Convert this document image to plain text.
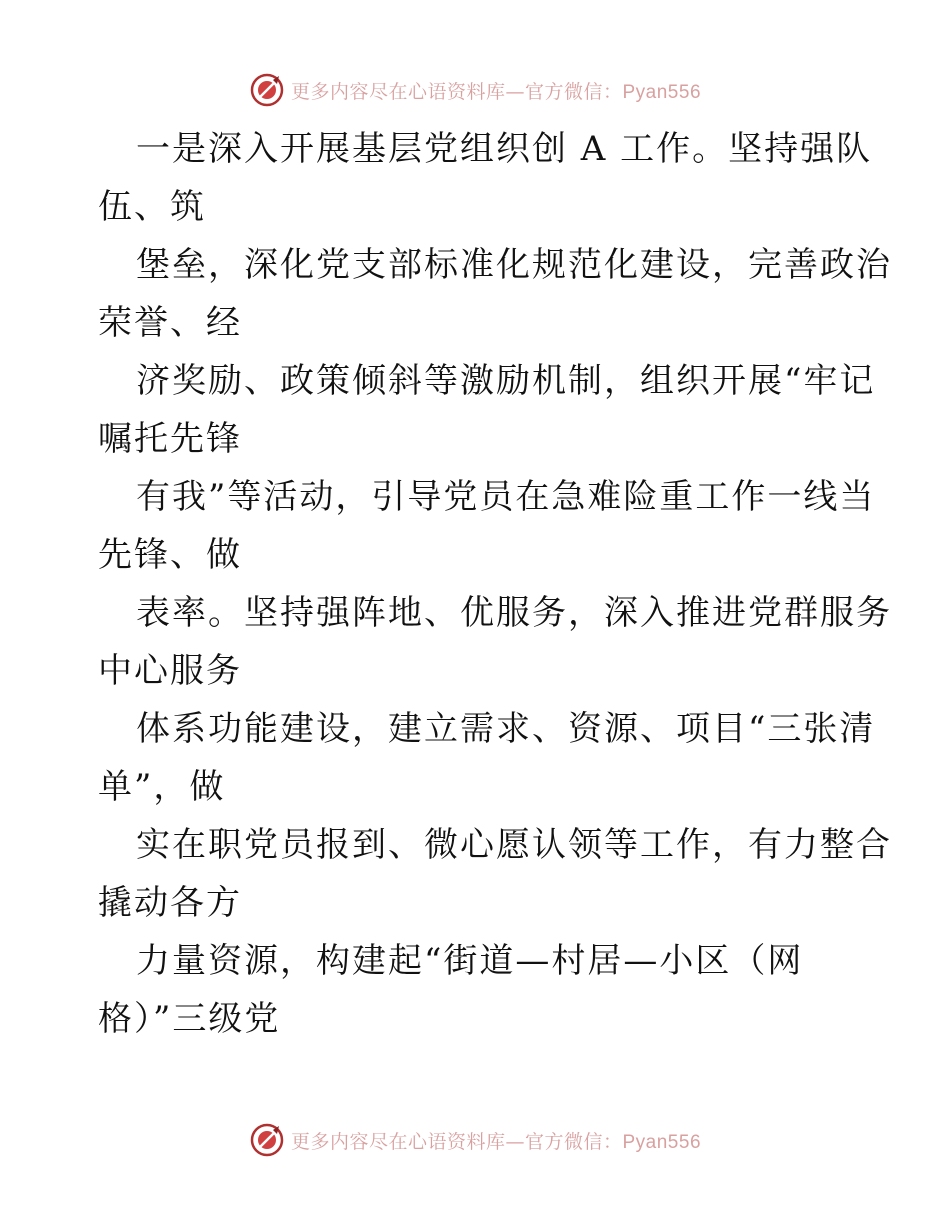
更多内容尽在心语资料库—官方微信：Pyan556

一是深入开展基层党组织创 A 工作。坚持强队

伍、筑

堡垒，深化党支部标准化规范化建设，完善政治

荣誉、经

济奖励、政策倾斜等激励机制，组织开展“牢记

嘱托先锋

有我”等活动，引导党员在急难险重工作一线当

先锋、做

表率。坚持强阵地、优服务，深入推进党群服务

中心服务

体系功能建设，建立需求、资源、项目“三张清

单”，做

实在职党员报到、微心愿认领等工作，有力整合

撬动各方

力量资源，构建起“街道—村居—小区（网

格）”三级党

更多内容尽在心语资料库—官方微信：Pyan556
